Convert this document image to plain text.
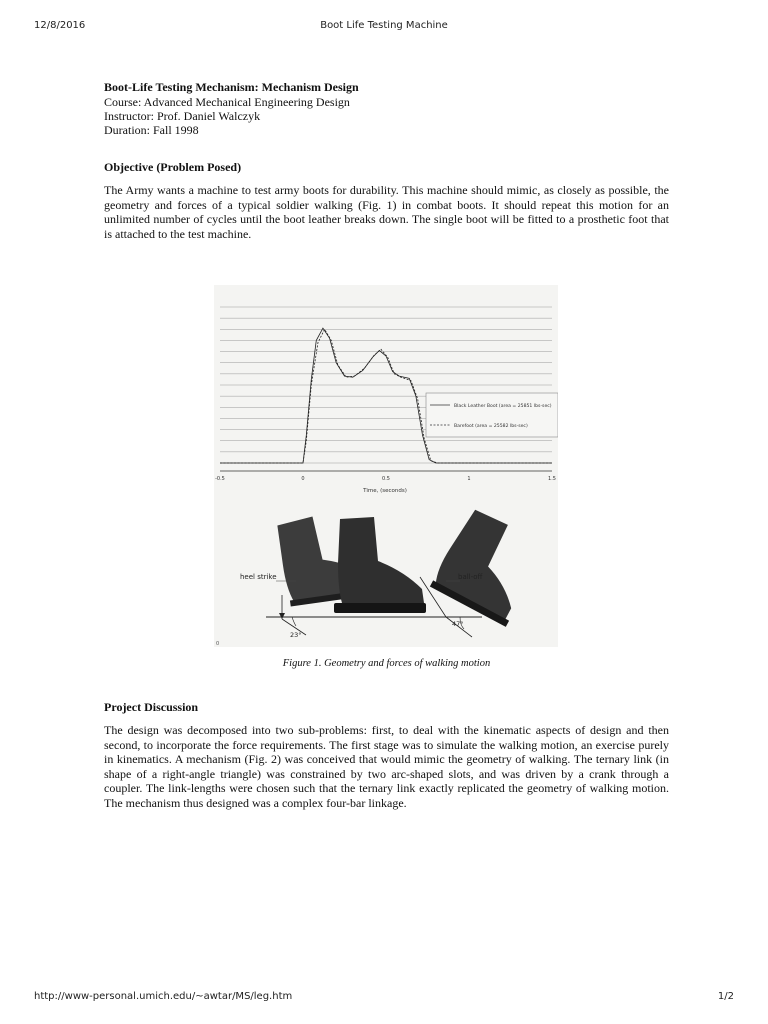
12/8/2016	Boot Life Testing Machine

Boot-Life Testing Mechanism: Mechanism Design

Course: Advanced Mechanical Engineering Design

Instructor: Prof. Daniel Walczyk

Duration: Fall 1998

Objective (Problem Posed)

The Army wants a machine to test army boots for durability. This machine should mimic, as closely as possible, the geometry and forces of a typical soldier walking (Fig. 1) in combat boots. It should repeat this motion for an unlimited number of cycles until the boot leather breaks down. The single boot will be fitted to a prosthetic foot that is attached to the test machine.

-0.5	0	0.5	1	1.5
Time, (seconds)
Black Leather Boot (area = 25851 lbs-sec)
Barefoot (area = 25582 lbs-sec)
heel strike	ball-off
23°
47°
0
Figure 1. Geometry and forces of walking motion

Project Discussion

The design was decomposed into two sub-problems: first, to deal with the kinematic aspects of design and then second, to incorporate the force requirements. The first stage was to simulate the walking motion, an exercise purely in kinematics. A mechanism (Fig. 2) was conceived that would mimic the geometry of walking. The ternary link (in shape of a right-angle triangle) was constrained by two arc-shaped slots, and was driven by a crank through a coupler. The link-lengths were chosen such that the ternary link exactly replicated the geometry of walking motion. The mechanism thus designed was a complex four-bar linkage.

http://www-personal.umich.edu/~awtar/MS/leg.htm	1/2
